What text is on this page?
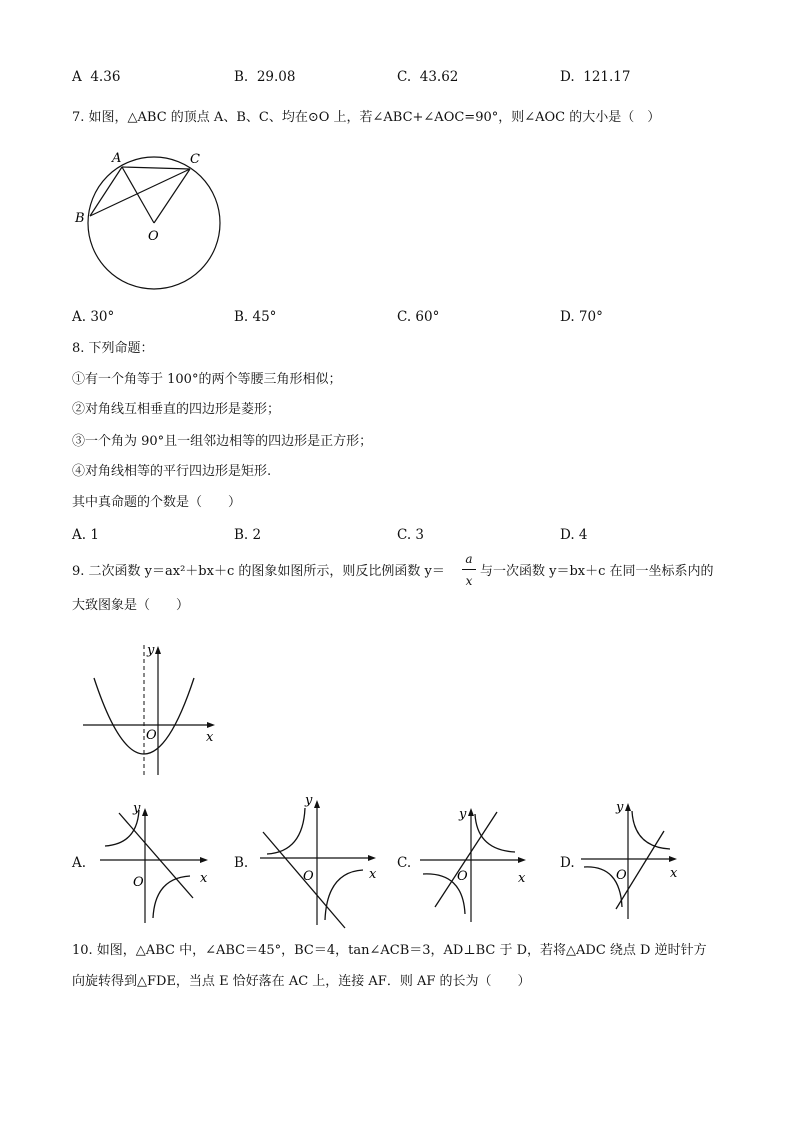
A 4.36	B. 29.08	C. 43.62	D. 121.17
7. 如图，△ABC 的顶点 A、B、C、均在⊙O 上，若∠ABC+∠AOC=90°，则∠AOC 的大小是（　）
A	C
B
O
A. 30°	B. 45°	C. 60°	D. 70°
8. 下列命题：
①有一个角等于 100°的两个等腰三角形相似；
②对角线互相垂直的四边形是菱形；
③一个角为 90°且一组邻边相等的四边形是正方形；
④对角线相等的平行四边形是矩形.
其中真命题的个数是（　　）
A. 1	B. 2	C. 3	D. 4
9. 二次函数 y＝ax²＋bx＋c 的图象如图所示，则反比例函数 y＝
a
x
与一次函数 y＝bx＋c 在同一坐标系内的
大致图象是（　　）
y
x
O
A.
y
x
O
B.
y
x
O
C.
y
x
O
D.
y
x
O
10. 如图，△ABC 中，∠ABC＝45°，BC＝4，tan∠ACB＝3，AD⊥BC 于 D，若将△ADC 绕点 D 逆时针方
向旋转得到△FDE，当点 E 恰好落在 AC 上，连接 AF．则 AF 的长为（　　）
